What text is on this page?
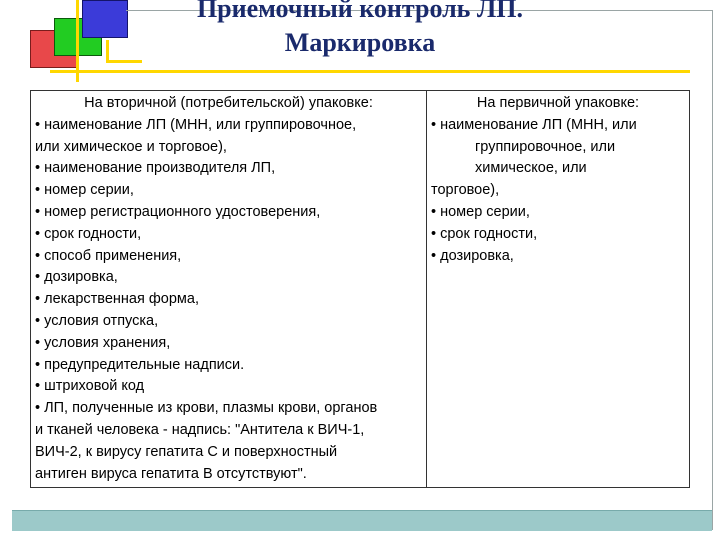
Приемочный контроль ЛП.
Маркировка
На вторичной (потребительской) упаковке:
• наименование ЛП (МНН, или группировочное,
или химическое и торговое),
• наименование производителя ЛП,
• номер серии,
• номер регистрационного удостоверения,
• срок годности,
• способ применения,
• дозировка,
• лекарственная форма,
• условия отпуска,
• условия хранения,
• предупредительные надписи.
• штриховой код
• ЛП, полученные из крови, плазмы крови, органов
и тканей человека - надпись: "Антитела к ВИЧ-1,
ВИЧ-2, к вирусу гепатита С и поверхностный
антиген вируса гепатита В отсутствуют".
На первичной упаковке:
• наименование ЛП (МНН, или
группировочное, или
химическое, или
торговое),
• номер серии,
• срок годности,
• дозировка,
